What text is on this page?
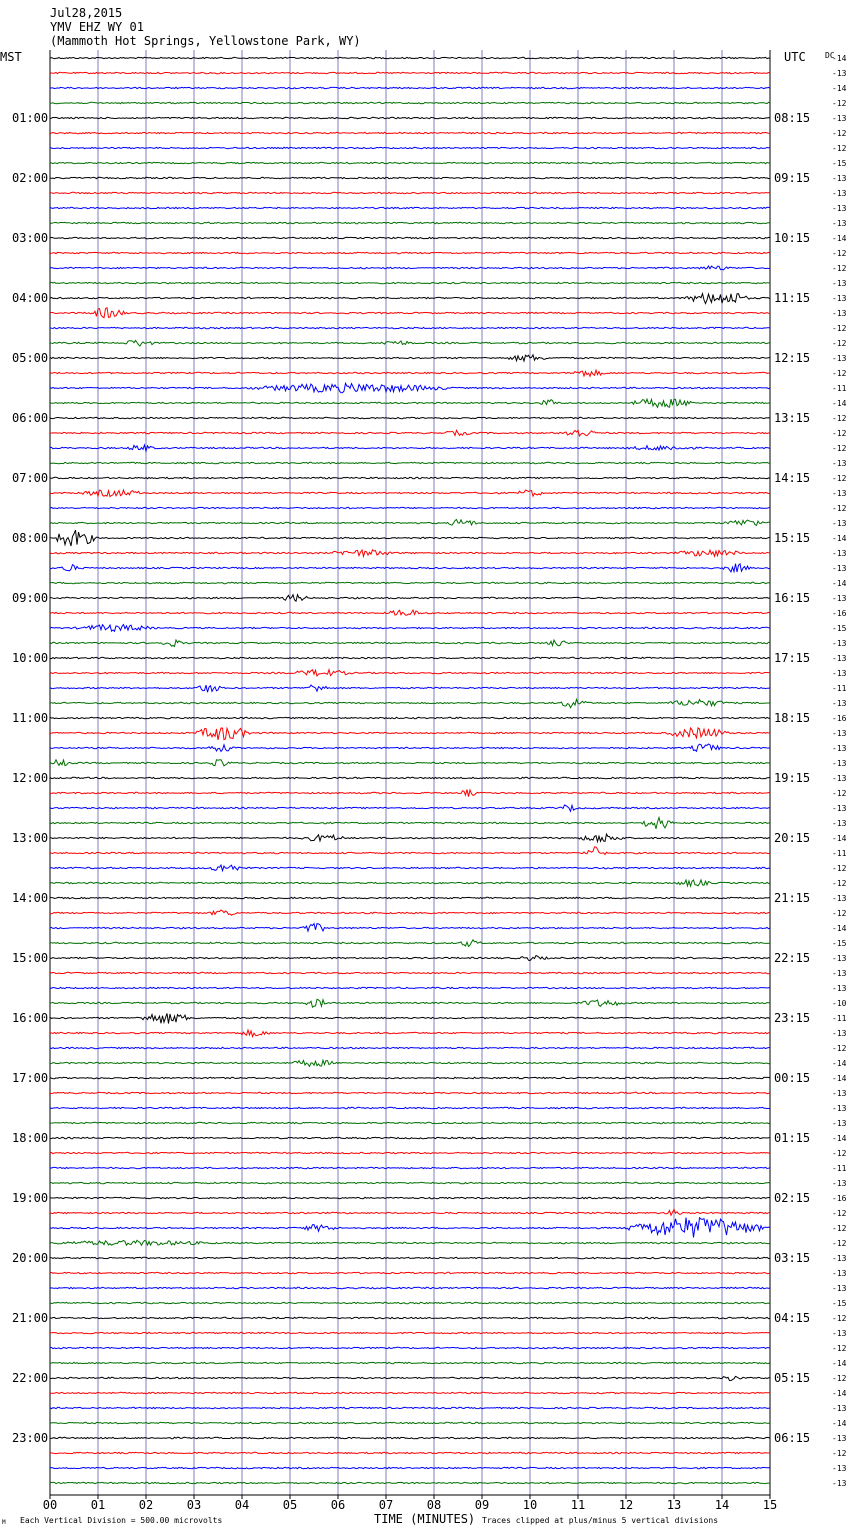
Jul28,2015
YMV EHZ WY 01
(Mammoth Hot Springs, Yellowstone Park, WY)
MST	UTC DC
01:00
02:00
03:00
04:00
05:00
06:00
07:00
08:00
09:00
10:00
11:00
12:00
13:00
14:00
15:00
16:00
17:00
18:00
19:00
20:00
21:00
22:00
23:00
08:15
09:15
10:15
11:15
12:15
13:15
14:15
15:15
16:15
17:15
18:15
19:15
20:15
21:15
22:15
23:15
00:15
01:15
02:15
03:15
04:15
05:15
06:15
-14
-13
-14
-12
-13
-12
-12
-15
-13
-13
-13
-13
-14
-12
-12
-13
-13
-13
-12
-12
-13
-12
-11
-14
-12
-12
-12
-13
-12
-13
-12
-13
-14
-13
-13
-14
-13
-16
-15
-13
-13
-13
-11
-13
-16
-13
-13
-13
-13
-12
-13
-13
-14
-11
-12
-12
-13
-12
-14
-15
-13
-13
-13
-10
-11
-13
-12
-14
-14
-13
-13
-13
-14
-12
-11
-13
-16
-12
-12
-12
-13
-13
-13
-15
-12
-13
-12
-14
-12
-14
-13
-14
-13
-12
-13
-13
00	01	02	03	04	05	06	07	08	09	10	11	12	13	14	15
TIME (MINUTES)
Each Vertical Division = 500.00 microvolts	Traces clipped at plus/minus 5 vertical divisions
M
